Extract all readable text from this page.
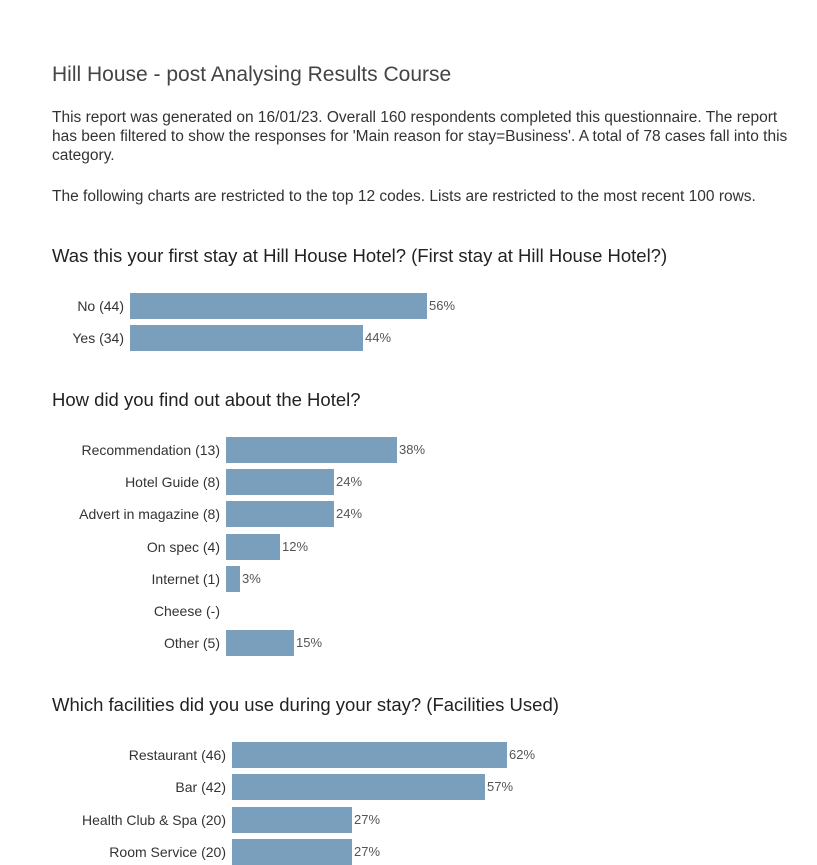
Hill House - post Analysing Results Course

This report was generated on 16/01/23. Overall 160 respondents completed this questionnaire. The report has been filtered to show the responses for 'Main reason for stay=Business'. A total of 78 cases fall into this category.

The following charts are restricted to the top 12 codes. Lists are restricted to the most recent 100 rows.

Was this your first stay at Hill House Hotel? (First stay at Hill House Hotel?)
No (44)	56%
Yes (34)	44%
How did you find out about the Hotel?
Recommendation (13)	38%
Hotel Guide (8)	24%
Advert in magazine (8)	24%
On spec (4)	12%
Internet (1) 3%
Cheese (-)
Other (5)	15%
Which facilities did you use during your stay? (Facilities Used)
Restaurant (46)	62%
Bar (42)	57%
Health Club & Spa (20)	27%
Room Service (20)	27%
